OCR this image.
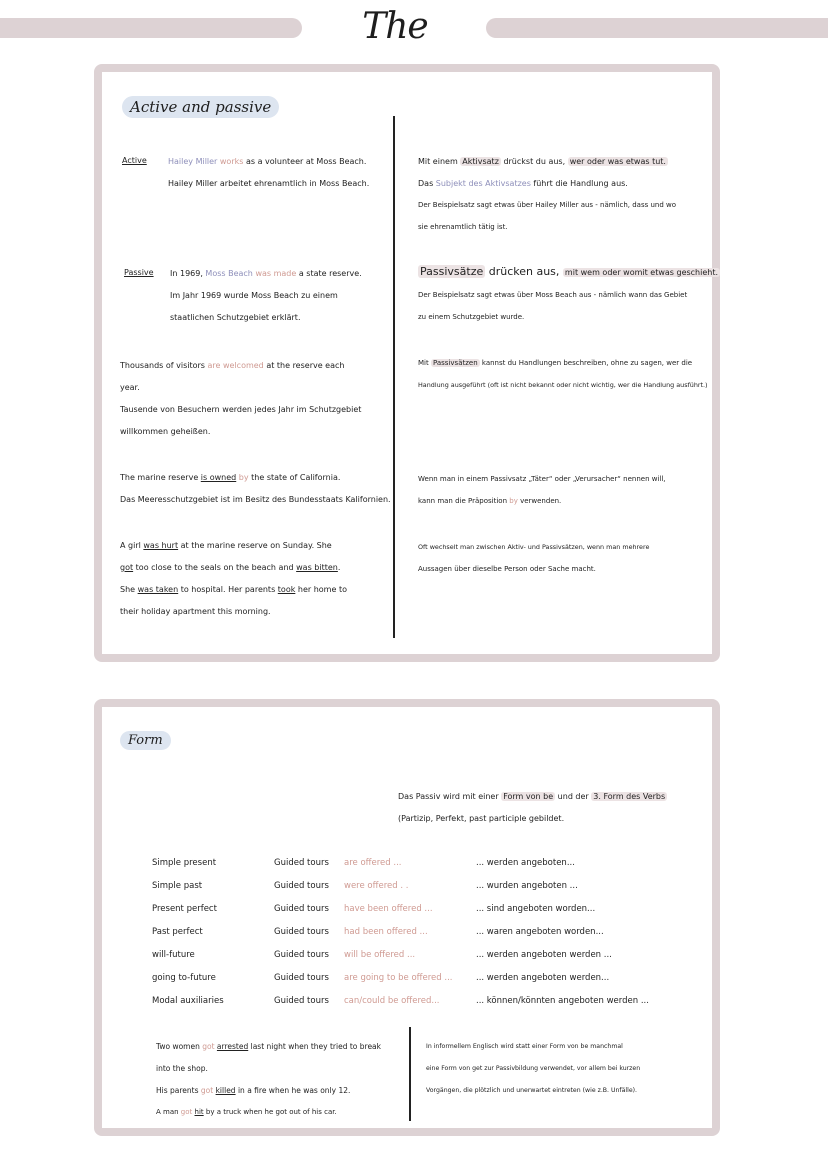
The
Active and passive
Active	Hailey Miller works as a volunteer at Moss Beach.
Hailey Miller arbeitet ehrenamtlich in Moss Beach.
Passive In 1969, Moss Beach was made a state reserve.
Im Jahr 1969 wurde Moss Beach zu einem
staatlichen Schutzgebiet erklärt.
Thousands of visitors are welcomed at the reserve each
year.
Tausende von Besuchern werden jedes Jahr im Schutzgebiet
willkommen geheißen.
The marine reserve is owned by the state of California.
Das Meeresschutzgebiet ist im Besitz des Bundesstaats Kalifornien.
A girl was hurt at the marine reserve on Sunday. She
got too close to the seals on the beach and was bitten.
She was taken to hospital. Her parents took her home to
their holiday apartment this morning.
Mit einem Aktivsatz drückst du aus, wer oder was etwas tut.
Das Subjekt des Aktivsatzes führt die Handlung aus.
Der Beispielsatz sagt etwas über Hailey Miller aus - nämlich, dass und wo
sie ehrenamtlich tätig ist.
Passivsätze drücken aus, mit wem oder womit etwas geschieht.
Der Beispielsatz sagt etwas über Moss Beach aus - nämlich wann das Gebiet
zu einem Schutzgebiet wurde.
Mit Passivsätzen kannst du Handlungen beschreiben, ohne zu sagen, wer die
Handlung ausgeführt (oft ist nicht bekannt oder nicht wichtig, wer die Handlung ausführt.)
Wenn man in einem Passivsatz „Täter“ oder „Verursacher“ nennen will,
kann man die Präposition by verwenden.
Oft wechselt man zwischen Aktiv- und Passivsätzen, wenn man mehrere
Aussagen über dieselbe Person oder Sache macht.
Form
Das Passiv wird mit einer Form von be und der 3. Form des Verbs
(Partizip, Perfekt, past participle gebildet.
Simple present	Guided tours are offered ...	... werden angeboten...
Simple past	Guided tours were offered . .	... wurden angeboten ...
Present perfect	Guided tours have been offered ...	... sind angeboten worden...
Past perfect	Guided tours had been offered ...	... waren angeboten worden...
will-future	Guided tours will be offered ...	... werden angeboten werden ...
going to-future	Guided tours are going to be offered ...	... werden angeboten werden...
Modal auxiliaries	Guided tours can/could be offered...	... können/könnten angeboten werden ...
Two women got arrested last night when they tried to break
into the shop.
His parents got killed in a fire when he was only 12.
A man got hit by a truck when he got out of his car.
In informellem Englisch wird statt einer Form von be manchmal
eine Form von get zur Passivbildung verwendet, vor allem bei kurzen
Vorgängen, die plötzlich und unerwartet eintreten (wie z.B. Unfälle).
